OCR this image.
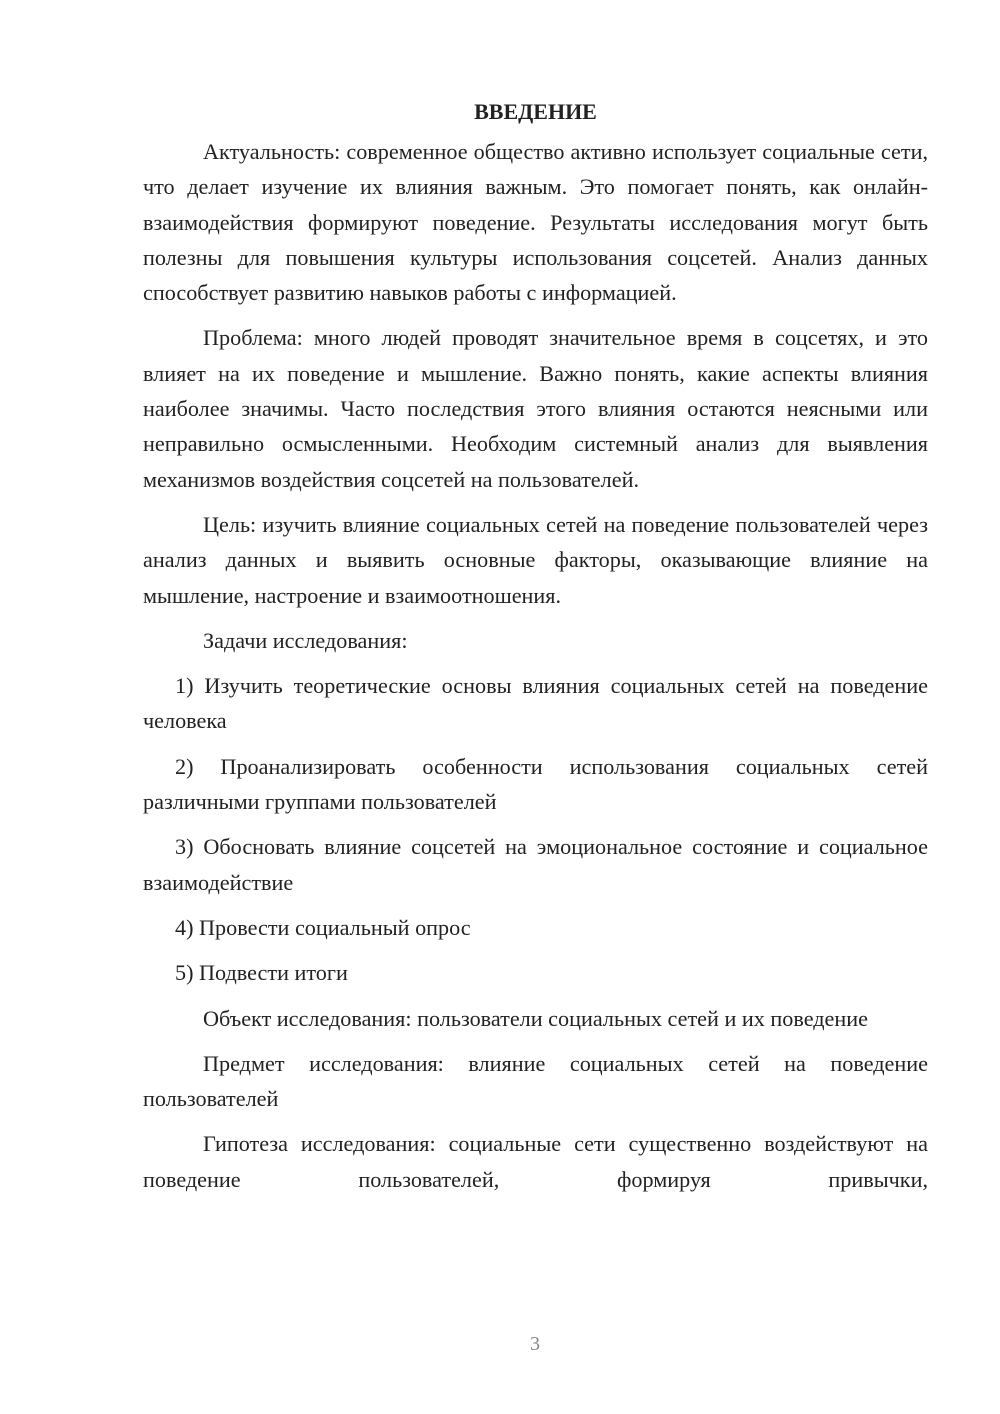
ВВЕДЕНИЕ

Актуальность: современное общество активно использует социальные сети, что делает изучение их влияния важным. Это помогает понять, как онлайн-взаимодействия формируют поведение. Результаты исследования могут быть полезны для повышения культуры использования соцсетей. Анализ данных способствует развитию навыков работы с информацией.

Проблема: много людей проводят значительное время в соцсетях, и это влияет на их поведение и мышление. Важно понять, какие аспекты влияния наиболее значимы. Часто последствия этого влияния остаются неясными или неправильно осмысленными. Необходим системный анализ для выявления механизмов воздействия соцсетей на пользователей.

Цель: изучить влияние социальных сетей на поведение пользователей через анализ данных и выявить основные факторы, оказывающие влияние на мышление, настроение и взаимоотношения.

Задачи исследования:

1) Изучить теоретические основы влияния социальных сетей на поведение человека

2) Проанализировать особенности использования социальных сетей различными группами пользователей

3) Обосновать влияние соцсетей на эмоциональное состояние и социальное взаимодействие

4) Провести социальный опрос

5) Подвести итоги

Объект исследования: пользователи социальных сетей и их поведение

Предмет исследования: влияние социальных сетей на поведение пользователей

Гипотеза исследования: социальные сети существенно воздействуют на поведение пользователей, формируя привычки,

3
